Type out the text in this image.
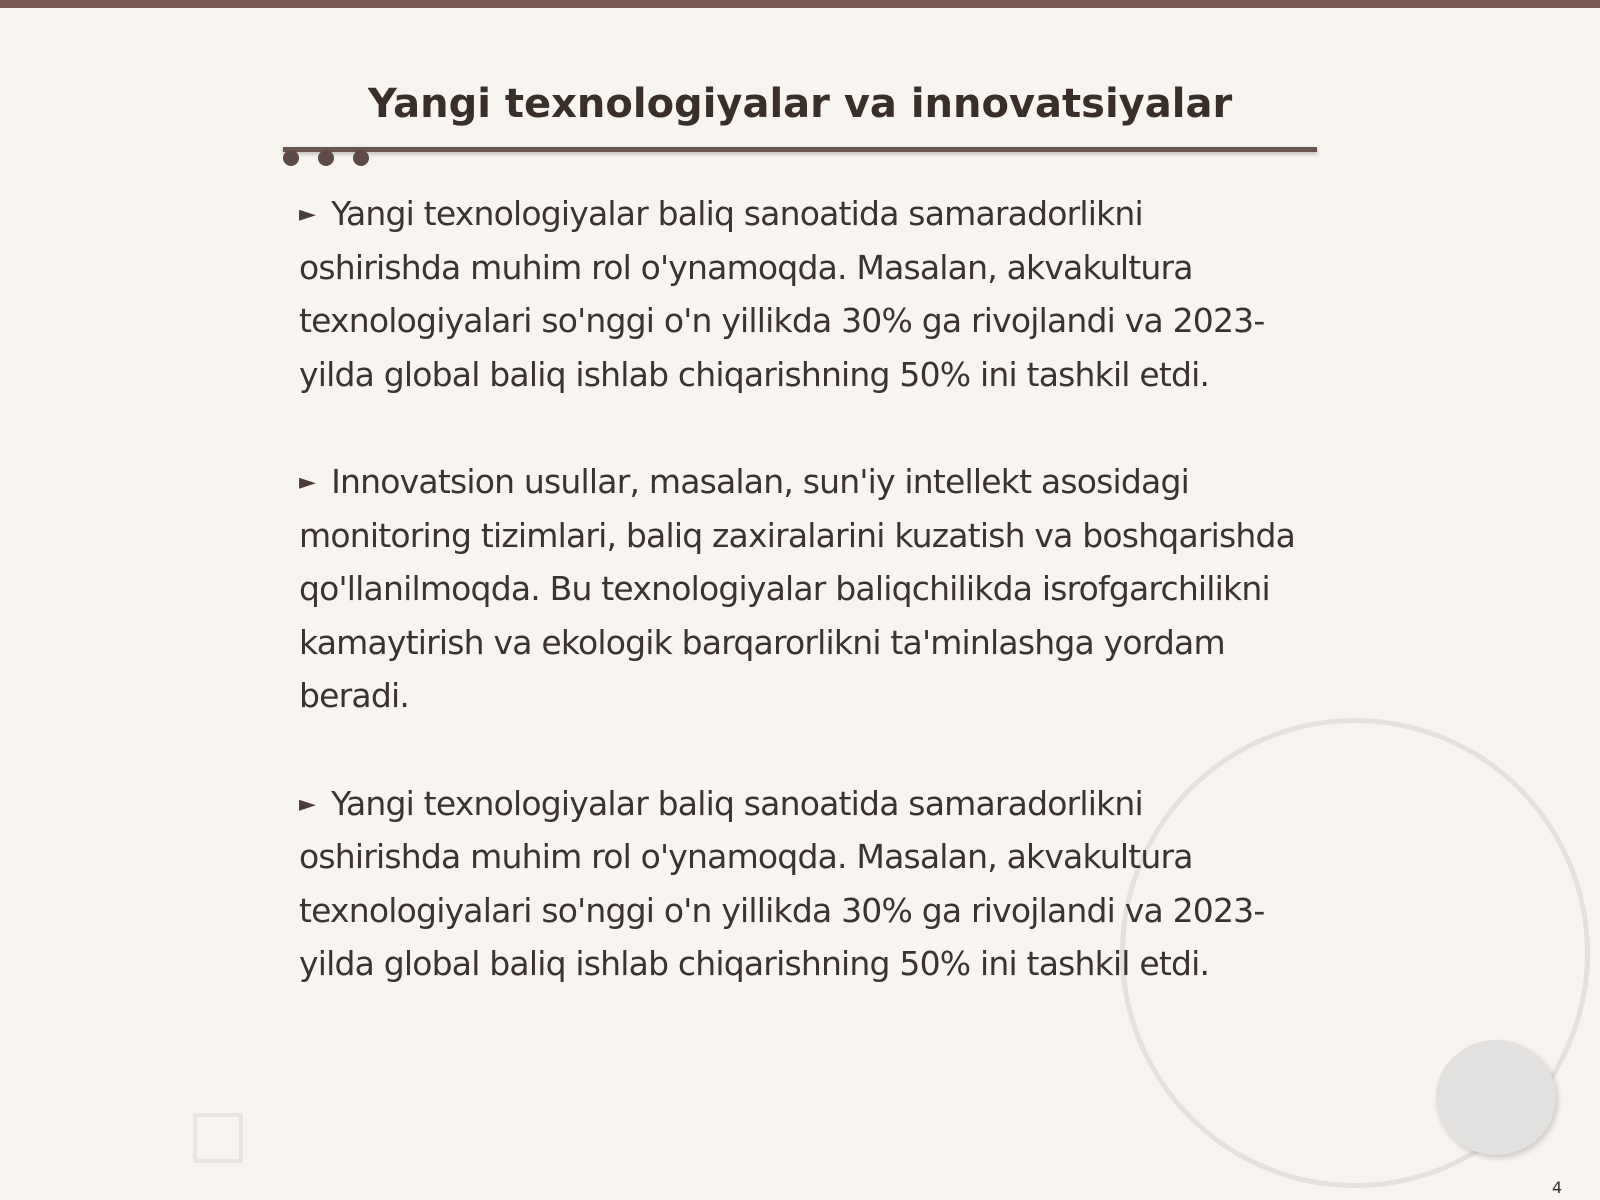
Yangi texnologiyalar va innovatsiyalar

► Yangi texnologiyalar baliq sanoatida samaradorlikni oshirishda muhim rol o'ynamoqda. Masalan, akvakultura texnologiyalari so'nggi o'n yillikda 30% ga rivojlandi va 2023-yilda global baliq ishlab chiqarishning 50% ini tashkil etdi.

► Innovatsion usullar, masalan, sun'iy intellekt asosidagi monitoring tizimlari, baliq zaxiralarini kuzatish va boshqarishda qo'llanilmoqda. Bu texnologiyalar baliqchilikda isrofgarchilikni kamaytirish va ekologik barqarorlikni ta'minlashga yordam beradi.

► Yangi texnologiyalar baliq sanoatida samaradorlikni oshirishda muhim rol o'ynamoqda. Masalan, akvakultura texnologiyalari so'nggi o'n yillikda 30% ga rivojlandi va 2023-yilda global baliq ishlab chiqarishning 50% ini tashkil etdi.

4
